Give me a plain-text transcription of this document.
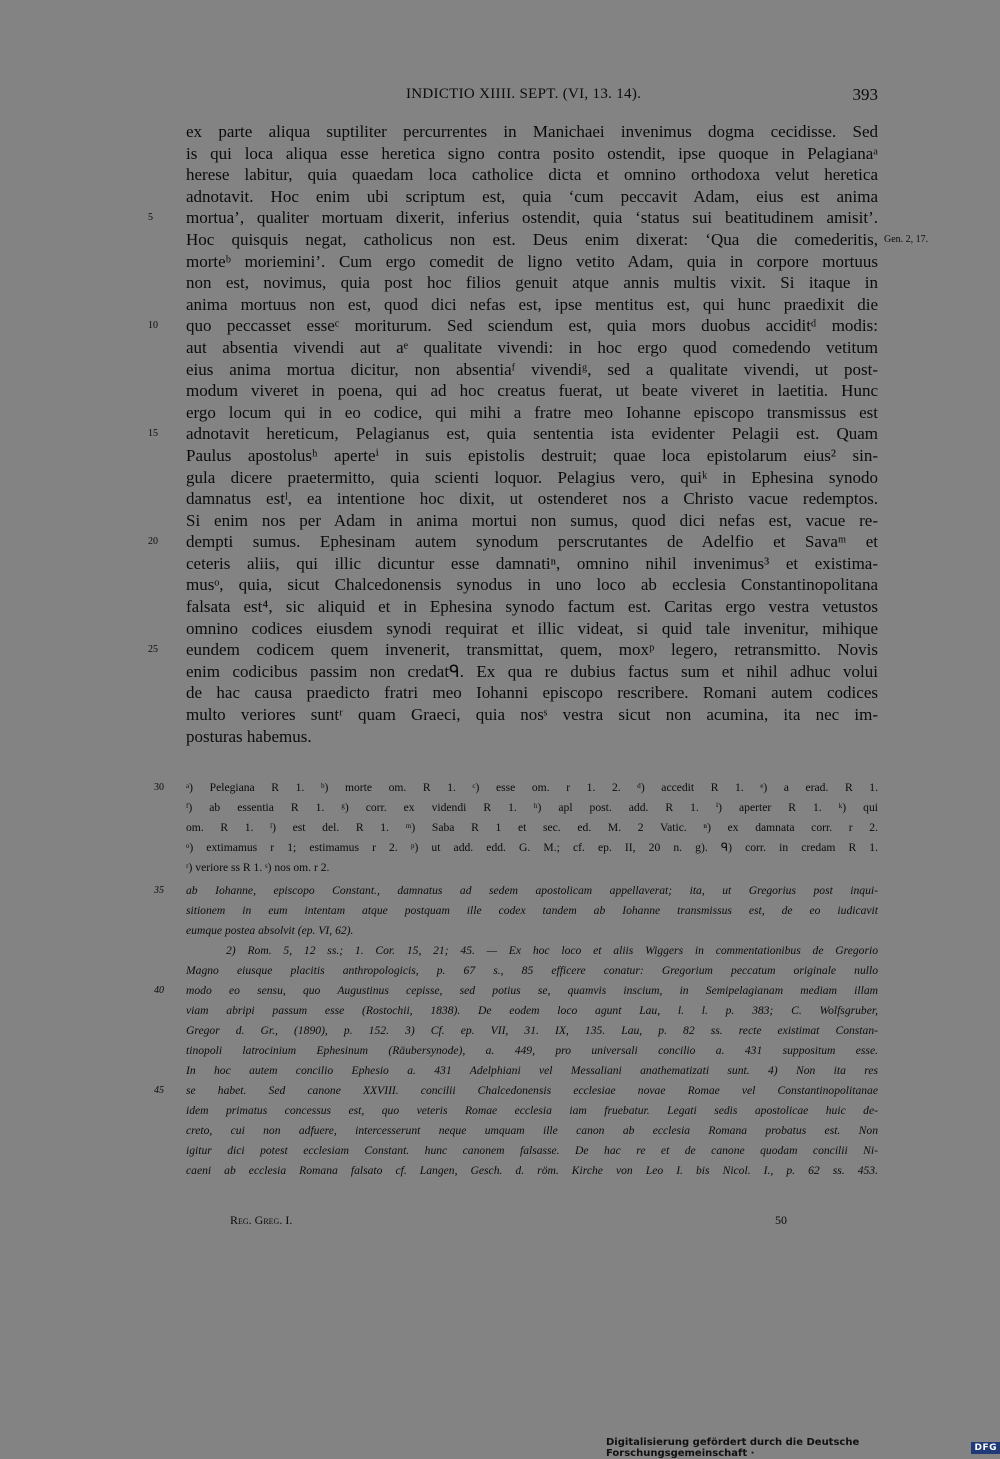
INDICTIO XIIII. SEPT. (VI, 13. 14).	393
ex parte aliqua suptiliter percurrentes in Manichaei invenimus dogma cecidisse. Sed
is qui loca aliqua esse heretica signo contra posito ostendit, ipse quoque in Pelagianaᵃ
herese labitur, quia quaedam loca catholice dicta et omnino orthodoxa velut heretica
adnotavit. Hoc enim ubi scriptum est, quia ‘cum peccavit Adam, eius est anima
5	mortua’, qualiter mortuam dixerit, inferius ostendit, quia ‘status sui beatitudinem amisit’.
Hoc quisquis negat, catholicus non est. Deus enim dixerat: ‘Qua die comederitis, Gen. 2, 17.
morteᵇ moriemini’. Cum ergo comedit de ligno vetito Adam, quia in corpore mortuus
non est, novimus, quia post hoc filios genuit atque annis multis vixit. Si itaque in
anima mortuus non est, quod dici nefas est, ipse mentitus est, qui hunc praedixit die
10	quo peccasset esseᶜ moriturum. Sed sciendum est, quia mors duobus acciditᵈ modis:
aut absentia vivendi aut aᵉ qualitate vivendi: in hoc ergo quod comedendo vetitum
eius anima mortua dicitur, non absentiaᶠ vivendiᵍ, sed a qualitate vivendi, ut post-
modum viveret in poena, qui ad hoc creatus fuerat, ut beate viveret in laetitia. Hunc
ergo locum qui in eo codice, qui mihi a fratre meo Iohanne episcopo transmissus est
15	adnotavit hereticum, Pelagianus est, quia sententia ista evidenter Pelagii est. Quam
Paulus apostolusʰ aperteⁱ in suis epistolis destruit; quae loca epistolarum eius² sin-
gula dicere praetermitto, quia scienti loquor. Pelagius vero, quiᵏ in Ephesina synodo
damnatus estˡ, ea intentione hoc dixit, ut ostenderet nos a Christo vacue redemptos.
Si enim nos per Adam in anima mortui non sumus, quod dici nefas est, vacue re-
20	dempti sumus. Ephesinam autem synodum perscrutantes de Adelfio et Savaᵐ et
ceteris aliis, qui illic dicuntur esse damnatiⁿ, omnino nihil invenimus³ et existima-
musᵒ, quia, sicut Chalcedonensis synodus in uno loco ab ecclesia Constantinopolitana
falsata est⁴, sic aliquid et in Ephesina synodo factum est. Caritas ergo vestra vetustos
omnino codices eiusdem synodi requirat et illic videat, si quid tale invenitur, mihique
25	eundem codicem quem invenerit, transmittat, quem, moxᵖ legero, retransmitto. Novis
enim codicibus passim non credatᑫ. Ex qua re dubius factus sum et nihil adhuc volui
de hac causa praedicto fratri meo Iohanni episcopo rescribere. Romani autem codices
multo veriores suntʳ quam Graeci, quia nosˢ vestra sicut non acumina, ita nec im-
posturas habemus.
30	ᵃ) Pelegiana R 1. ᵇ) morte om. R 1. ᶜ) esse om. r 1. 2. ᵈ) accedit R 1. ᵉ) a erad. R 1.
ᶠ) ab essentia R 1. ᵍ) corr. ex videndi R 1. ʰ) apl post. add. R 1. ⁱ) aperter R 1. ᵏ) qui
om. R 1. ˡ) est del. R 1. ᵐ) Saba R 1 et sec. ed. M. 2 Vatic. ⁿ) ex damnata corr. r 2.
ᵒ) extimamus r 1; estimamus r 2. ᵖ) ut add. edd. G. M.; cf. ep. II, 20 n. g). ᑫ) corr. in credam R 1.
ʳ) veriore ss R 1. ˢ) nos om. r 2.
35	ab Iohanne, episcopo Constant., damnatus ad sedem apostolicam appellaverat; ita, ut Gregorius post inqui-
sitionem in eum intentam atque postquam ille codex tandem ab Iohanne transmissus est, de eo iudicavit
eumque postea absolvit (ep. VI, 62).
2) Rom. 5, 12 ss.; 1. Cor. 15, 21; 45. — Ex hoc loco et aliis Wiggers in commentationibus de Gregorio
Magno eiusque placitis anthropologicis, p. 67 s., 85 efficere conatur: Gregorium peccatum originale nullo
40	modo eo sensu, quo Augustinus cepisse, sed potius se, quamvis inscium, in Semipelagianam mediam illam
viam abripi passum esse (Rostochii, 1838). De eodem loco agunt Lau, l. l. p. 383; C. Wolfsgruber,
Gregor d. Gr., (1890), p. 152. 3) Cf. ep. VII, 31. IX, 135. Lau, p. 82 ss. recte existimat Constan-
tinopoli latrocinium Ephesinum (Räubersynode), a. 449, pro universali concilio a. 431 suppositum esse.
In hoc autem concilio Ephesio a. 431 Adelphiani vel Messaliani anathematizati sunt. 4) Non ita res
45	se habet. Sed canone XXVIII. concilii Chalcedonensis ecclesiae novae Romae vel Constantinopolitanae
idem primatus concessus est, quo veteris Romae ecclesia iam fruebatur. Legati sedis apostolicae huic de-
creto, cui non adfuere, intercesserunt neque umquam ille canon ab ecclesia Romana probatus est. Non
igitur dici potest ecclesiam Constant. hunc canonem falsasse. De hac re et de canone quodam concilii Ni-
caeni ab ecclesia Romana falsato cf. Langen, Gesch. d. röm. Kirche von Leo I. bis Nicol. I., p. 62 ss. 453.
Reg. Greg. I.	50
Digitalisierung gefördert durch die Deutsche Forschungsgemeinschaft ·	DFG
